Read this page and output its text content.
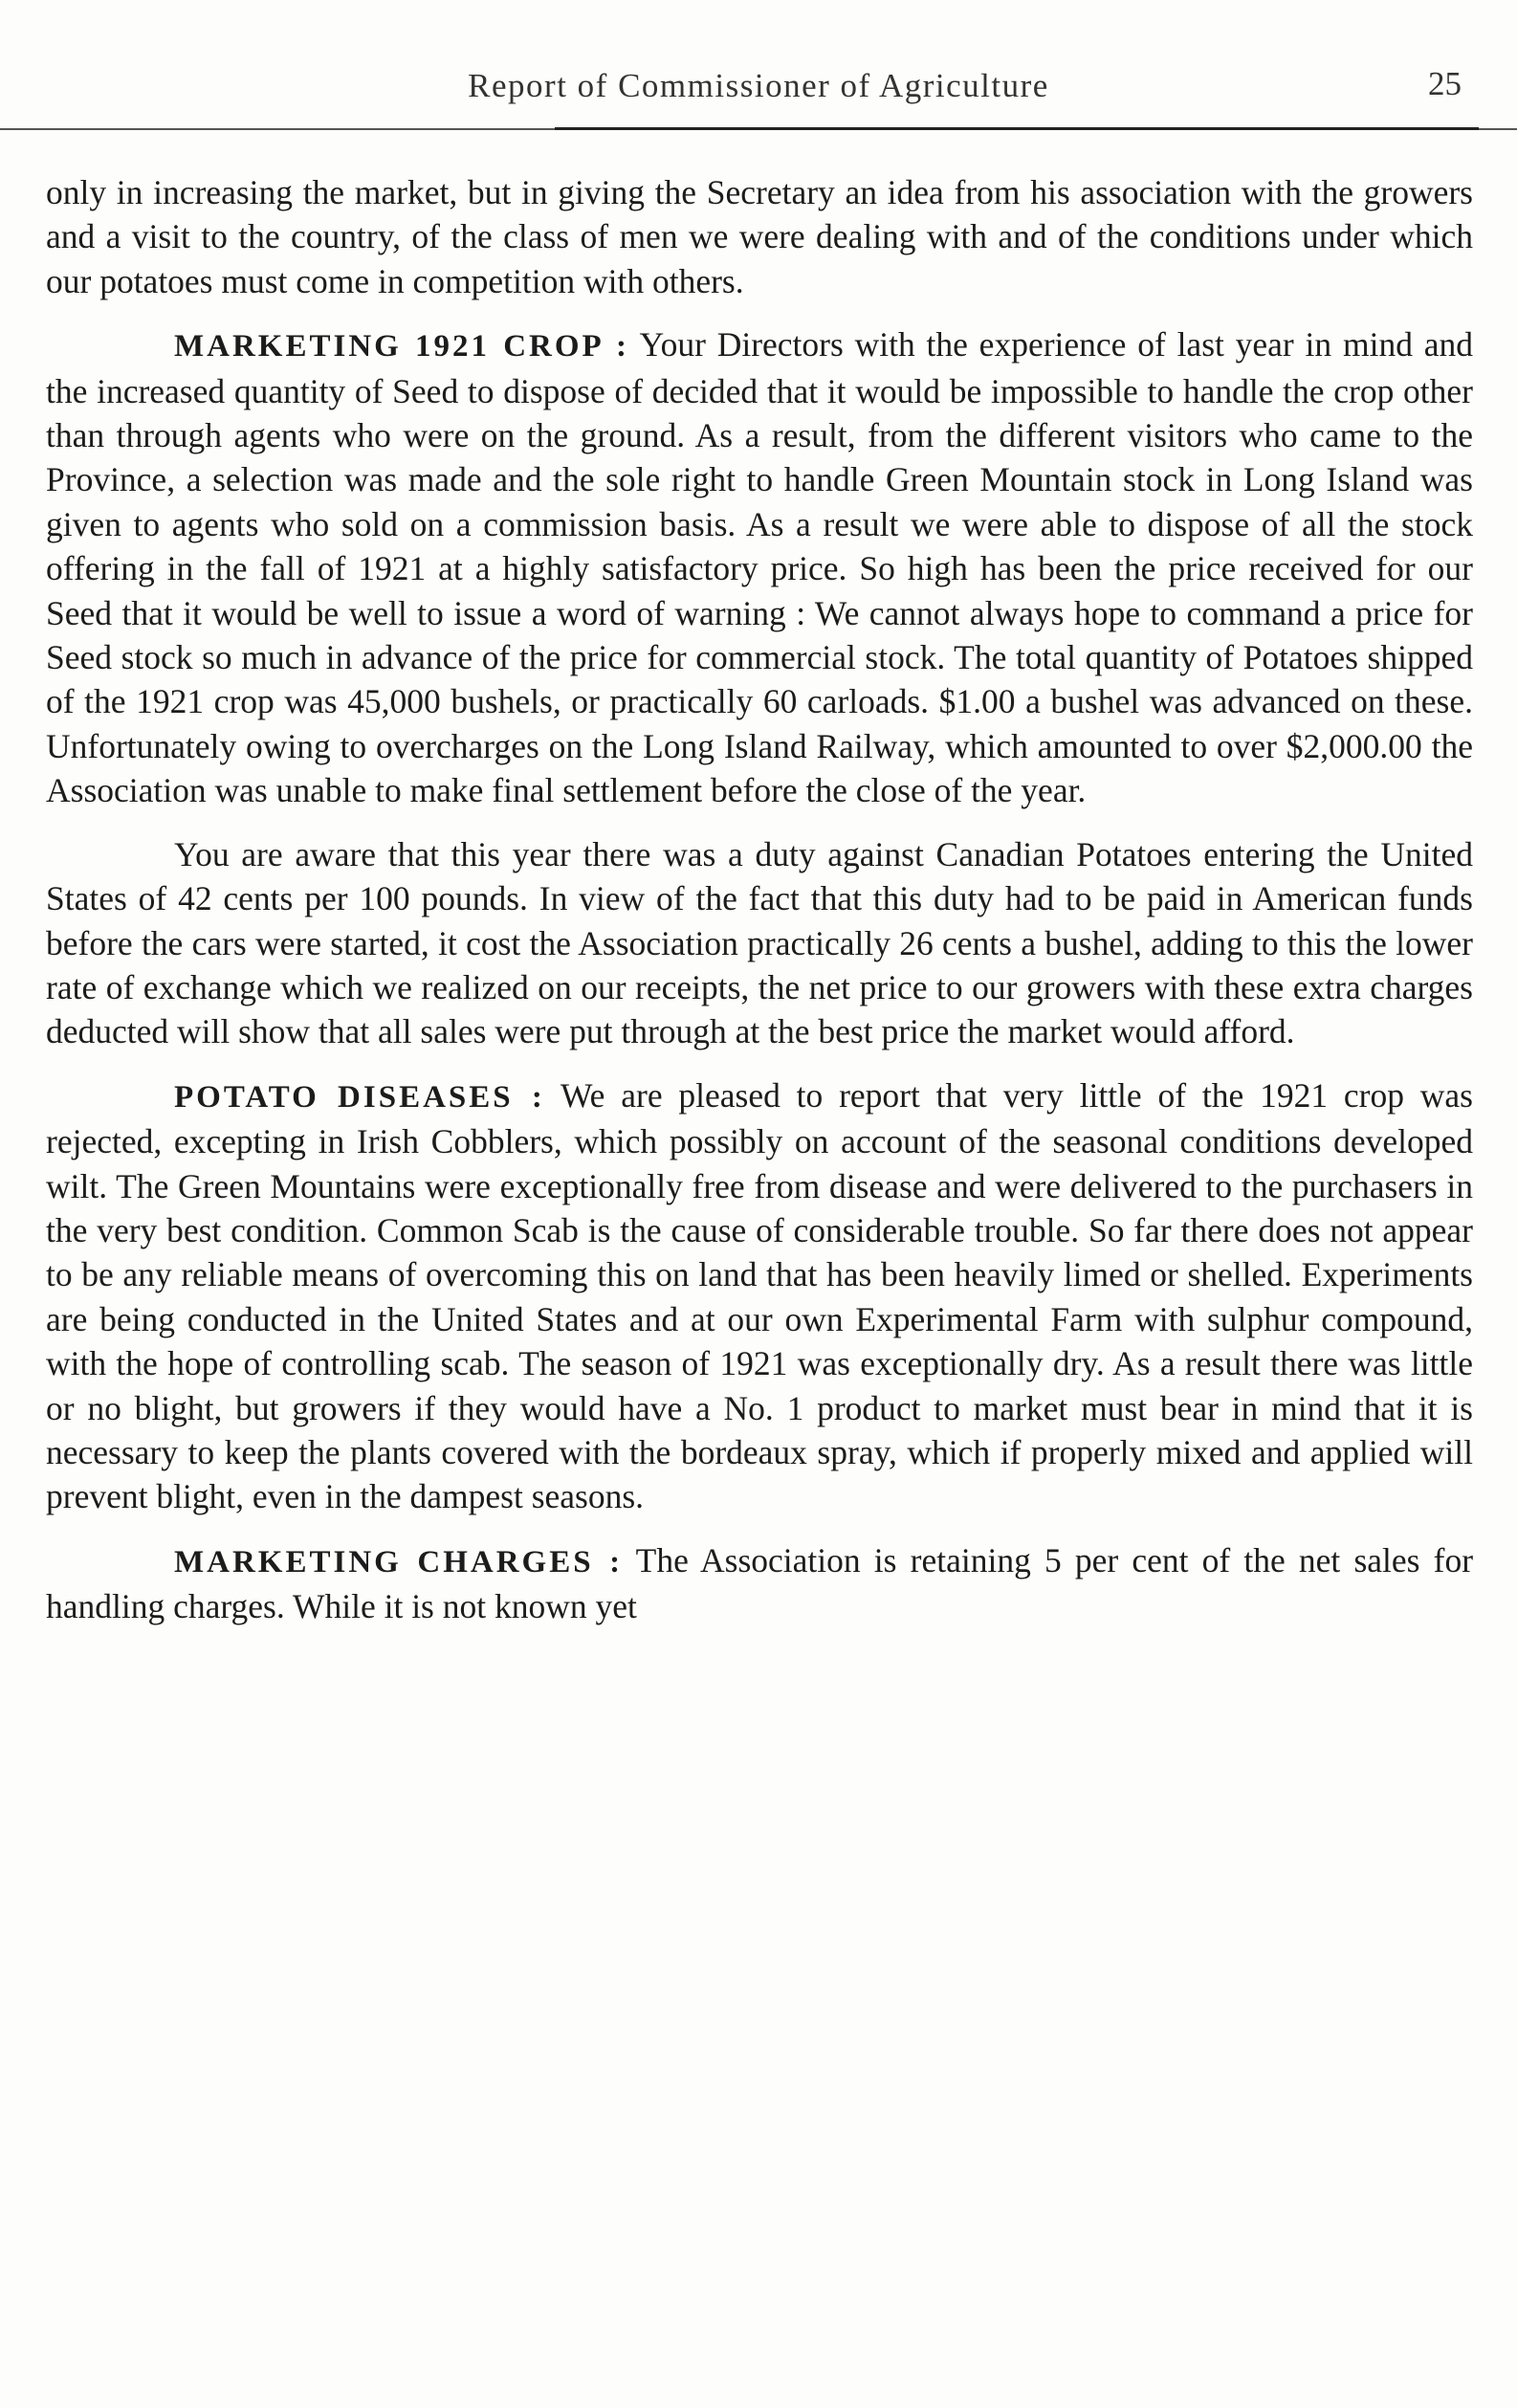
Report of Commissioner of Agriculture	25

only in increasing the market, but in giving the Secretary an idea from his association with the growers and a visit to the country, of the class of men we were dealing with and of the conditions under which our potatoes must come in competition with others.

MARKETING 1921 CROP : Your Directors with the experience of last year in mind and the increased quantity of Seed to dispose of decided that it would be impossible to handle the crop other than through agents who were on the ground. As a result, from the different visitors who came to the Province, a selection was made and the sole right to handle Green Mountain stock in Long Island was given to agents who sold on a commission basis. As a result we were able to dispose of all the stock offering in the fall of 1921 at a highly satisfactory price. So high has been the price received for our Seed that it would be well to issue a word of warning : We cannot always hope to command a price for Seed stock so much in advance of the price for commercial stock. The total quantity of Potatoes shipped of the 1921 crop was 45,000 bushels, or practically 60 carloads. $1.00 a bushel was advanced on these. Unfortunately owing to overcharges on the Long Island Railway, which amounted to over $2,000.00 the Association was unable to make final settlement before the close of the year.

You are aware that this year there was a duty against Canadian Potatoes entering the United States of 42 cents per 100 pounds. In view of the fact that this duty had to be paid in American funds before the cars were started, it cost the Association practically 26 cents a bushel, adding to this the lower rate of exchange which we realized on our receipts, the net price to our growers with these extra charges deducted will show that all sales were put through at the best price the market would afford.

POTATO DISEASES : We are pleased to report that very little of the 1921 crop was rejected, excepting in Irish Cobblers, which possibly on account of the seasonal conditions developed wilt. The Green Mountains were exceptionally free from disease and were delivered to the purchasers in the very best condition. Common Scab is the cause of considerable trouble. So far there does not appear to be any reliable means of overcoming this on land that has been heavily limed or shelled. Experiments are being conducted in the United States and at our own Experimental Farm with sulphur compound, with the hope of controlling scab. The season of 1921 was exceptionally dry. As a result there was little or no blight, but growers if they would have a No. 1 product to market must bear in mind that it is necessary to keep the plants covered with the bordeaux spray, which if properly mixed and applied will prevent blight, even in the dampest seasons.

MARKETING CHARGES : The Association is retaining 5 per cent of the net sales for handling charges. While it is not known yet
